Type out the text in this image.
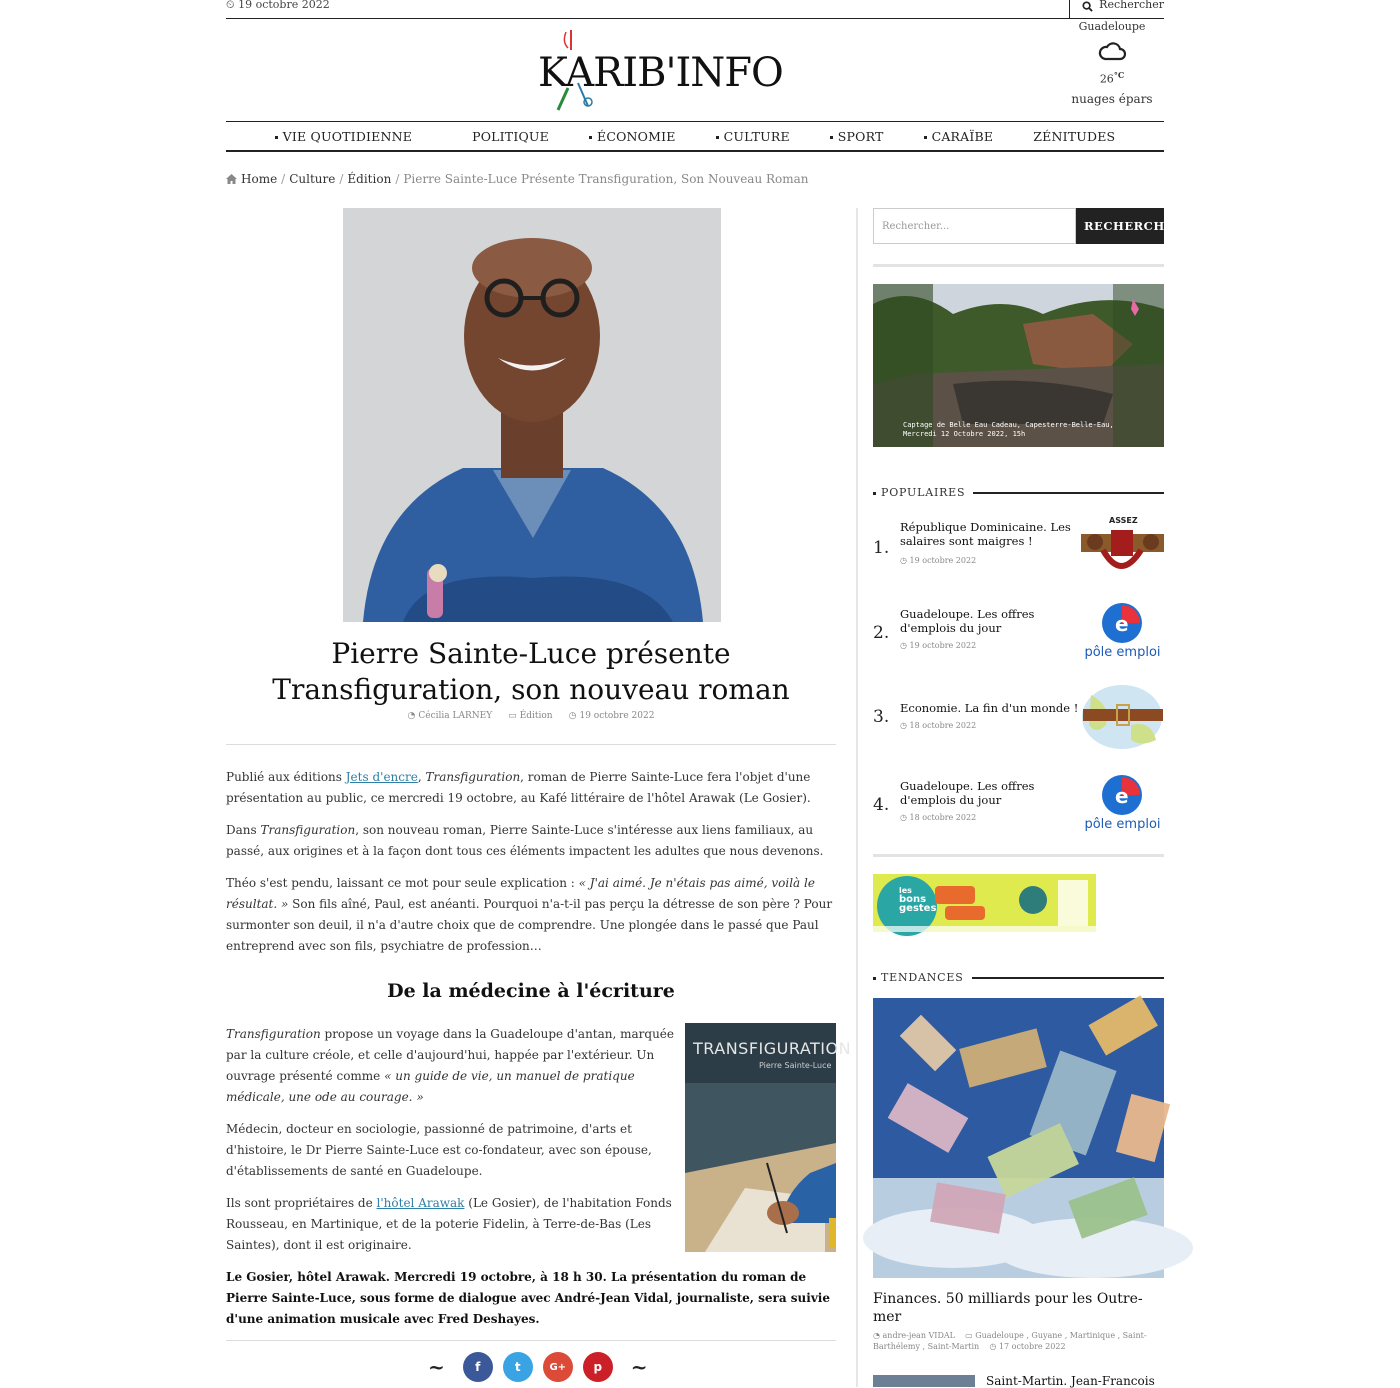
⏲ 19 octobre 2022	Rechercher
KARIB'INFO
Guadeloupe
$26^{^\circ C}$
nuages épars
VIE QUOTIDIENNE	POLITIQUE	ÉCONOMIE	CULTURE	SPORT	CARAÏBE	ZÉNITUDES
Home / Culture / Édition / Pierre Sainte-Luce Présente Transfiguration, Son Nouveau Roman
Pierre Sainte-Luce présente
Transfiguration, son nouveau roman
◔ Cécilia LARNEY ▭ Édition ◷ 19 octobre 2022
Publié aux éditions Jets d'encre, Transfiguration, roman de Pierre Sainte-Luce fera l'objet d'une présentation au public, ce mercredi 19 octobre, au Kafé littéraire de l'hôtel Arawak (Le Gosier).
Dans Transfiguration, son nouveau roman, Pierre Sainte-Luce s'intéresse aux liens familiaux, au passé, aux origines et à la façon dont tous ces éléments impactent les adultes que nous devenons.
Théo s'est pendu, laissant ce mot pour seule explication : « J'ai aimé. Je n'étais pas aimé, voilà le résultat. » Son fils aîné, Paul, est anéanti. Pourquoi n'a-t-il pas perçu la détresse de son père ? Pour surmonter son deuil, il n'a d'autre choix que de comprendre. Une plongée dans le passé que Paul entreprend avec son fils, psychiatre de profession…
De la médecine à l'écriture
Transfiguration propose un voyage dans la Guadeloupe d'antan, marquée par la culture créole, et celle d'aujourd'hui, happée par l'extérieur. Un ouvrage présenté comme « un guide de vie, un manuel de pratique médicale, une ode au courage. »
Médecin, docteur en sociologie, passionné de patrimoine, d'arts et d'histoire, le Dr Pierre Sainte-Luce est co-fondateur, avec son épouse, d'établissements de santé en Guadeloupe.
Ils sont propriétaires de l'hôtel Arawak (Le Gosier), de l'habitation Fonds Rousseau, en Martinique, et de la poterie Fidelin, à Terre-de-Bas (Les Saintes), dont il est originaire.
TRANSFIGURATION
Pierre Sainte-Luce
Le Gosier, hôtel Arawak. Mercredi 19 octobre, à 18 h 30. La présentation du roman de Pierre Sainte-Luce, sous forme de dialogue avec André-Jean Vidal, journaliste, sera suivie d'une animation musicale avec Fred Deshayes.
~	f	t	G+ p	~
Rechercher...	RECHERCHER
Captage de Belle Eau Cadeau, Capesterre-Belle-Eau,
Mercredi 12 Octobre 2022, 15h
POPULAIRES
1.
République Dominicaine. Les salaires sont maigres !
◷ 19 octobre 2022
ASSEZ
2.
Guadeloupe. Les offres d'emplois du jour
◷ 19 octobre 2022
e
pôle emploi
3. Economie. La fin d'un monde !
◷ 18 octobre 2022
4.
Guadeloupe. Les offres d'emplois du jour
◷ 18 octobre 2022
e
pôle emploi
les
bons
gestes
TENDANCES
Finances. 50 milliards pour les Outre-mer
◔ andre-jean VIDAL    ▭ Guadeloupe , Guyane , Martinique , Saint-Barthélemy , Saint-Martin    ◷ 17 octobre 2022
Saint-Martin. Jean-Francois
